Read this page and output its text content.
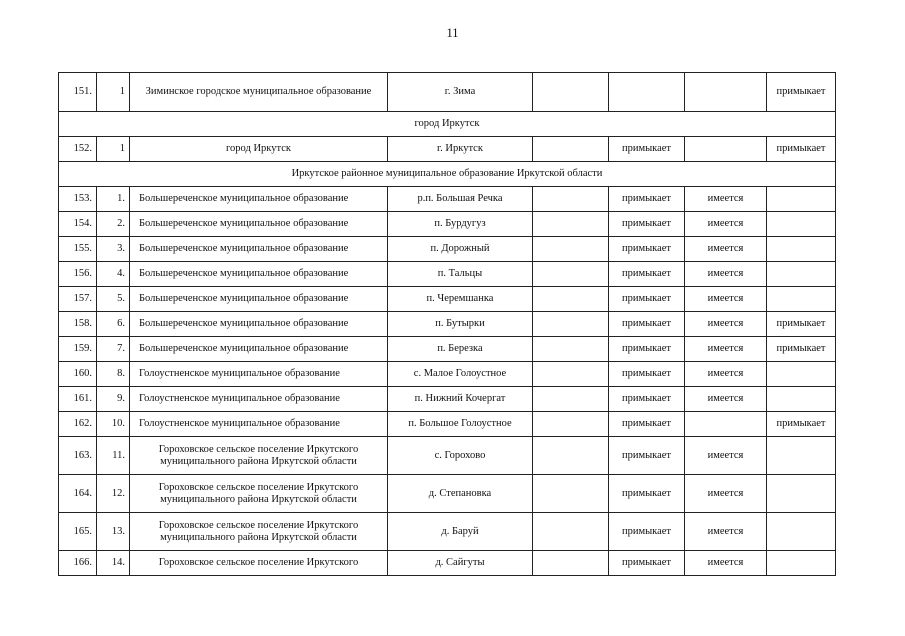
11
151.	1	Зиминское городское муниципальное образование	г. Зима				примыкает
город Иркутск							
152.	1	город Иркутск	г. Иркутск		примыкает		примыкает
Иркутское районное муниципальное образование Иркутской области							
153.	1.	Большереченское муниципальное образование	р.п. Большая Речка		примыкает	имеется	
154.	2.	Большереченское муниципальное образование	п. Бурдугуз		примыкает	имеется	
155.	3.	Большереченское муниципальное образование	п. Дорожный		примыкает	имеется	
156.	4.	Большереченское муниципальное образование	п. Тальцы		примыкает	имеется	
157.	5.	Большереченское муниципальное образование	п. Черемшанка		примыкает	имеется	
158.	6.	Большереченское муниципальное образование	п. Бутырки		примыкает	имеется	примыкает
159.	7.	Большереченское муниципальное образование	п. Березка		примыкает	имеется	примыкает
160.	8.	Голоустненское муниципальное образование	с. Малое Голоустное		примыкает	имеется	
161.	9.	Голоустненское муниципальное образование	п. Нижний Кочергат		примыкает	имеется	
162.	10.	Голоустненское муниципальное образование	п. Большое Голоустное		примыкает		примыкает
163.	11.	Гороховское сельское поселение Иркутского муниципального района Иркутской области	с. Горохово		примыкает	имеется	
164.	12.	Гороховское сельское поселение Иркутского муниципального района Иркутской области	д. Степановка		примыкает	имеется	
165.	13.	Гороховское сельское поселение Иркутского муниципального района Иркутской области	д. Баруй		примыкает	имеется	
166.	14.	Гороховское сельское поселение Иркутского	д. Сайгуты		примыкает	имеется	
